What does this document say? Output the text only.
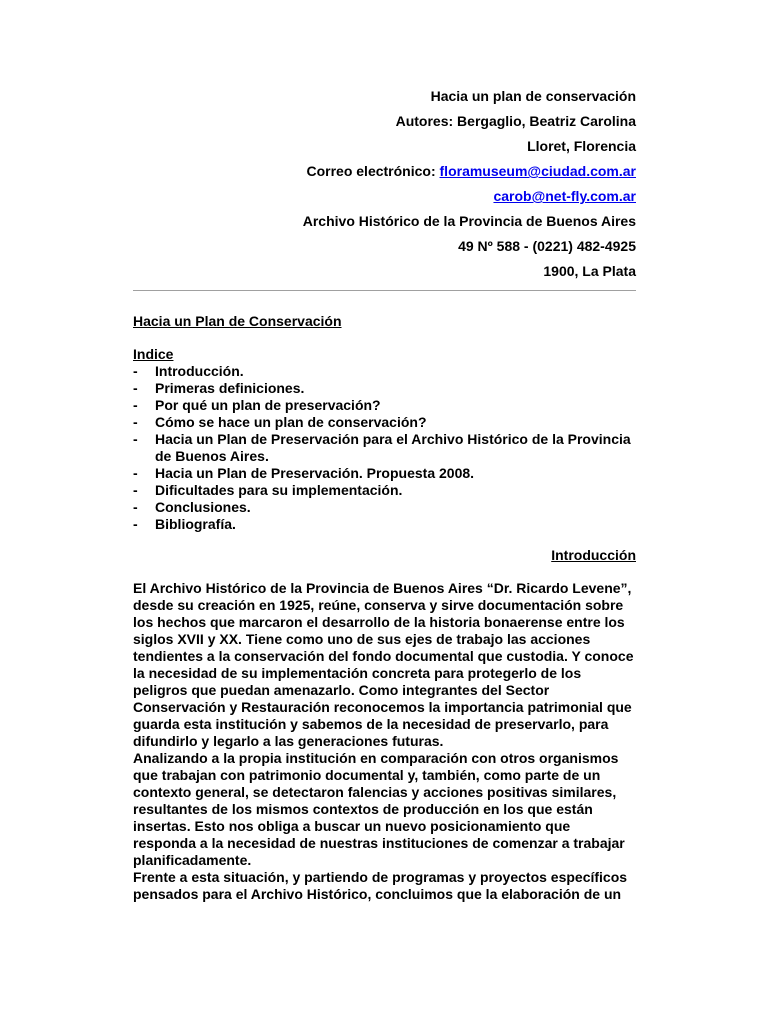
Hacia un plan de conservación
Autores: Bergaglio, Beatriz Carolina
Lloret, Florencia
Correo electrónico: floramuseum@ciudad.com.ar
carob@net-fly.com.ar
Archivo Histórico de la Provincia de Buenos Aires
49 Nº 588 - (0221) 482-4925
1900, La Plata
Hacia un Plan de Conservación
Indice
- Introducción.
- Primeras definiciones.
- Por qué un plan de preservación?
- Cómo se hace un plan de conservación?
- Hacia un Plan de Preservación para el Archivo Histórico de la Provincia de Buenos Aires.
- Hacia un Plan de Preservación. Propuesta 2008.
- Dificultades para su implementación.
- Conclusiones.
- Bibliografía.
Introducción

El Archivo Histórico de la Provincia de Buenos Aires “Dr. Ricardo Levene”, desde su creación en 1925, reúne, conserva y sirve documentación sobre los hechos que marcaron el desarrollo de la historia bonaerense entre los siglos XVII y XX. Tiene como uno de sus ejes de trabajo las acciones tendientes a la conservación del fondo documental que custodia. Y conoce la necesidad de su implementación concreta para protegerlo de los peligros que puedan amenazarlo. Como integrantes del Sector Conservación y Restauración reconocemos la importancia patrimonial que guarda esta institución y sabemos de la necesidad de preservarlo, para difundirlo y legarlo a las generaciones futuras.

Analizando a la propia institución en comparación con otros organismos que trabajan con patrimonio documental y, también, como parte de un contexto general, se detectaron falencias y acciones positivas similares, resultantes de los mismos contextos de producción en los que están insertas. Esto nos obliga a buscar un nuevo posicionamiento que responda a la necesidad de nuestras instituciones de comenzar a trabajar planificadamente.

Frente a esta situación, y partiendo de programas y proyectos específicos pensados para el Archivo Histórico, concluimos que la elaboración de un
